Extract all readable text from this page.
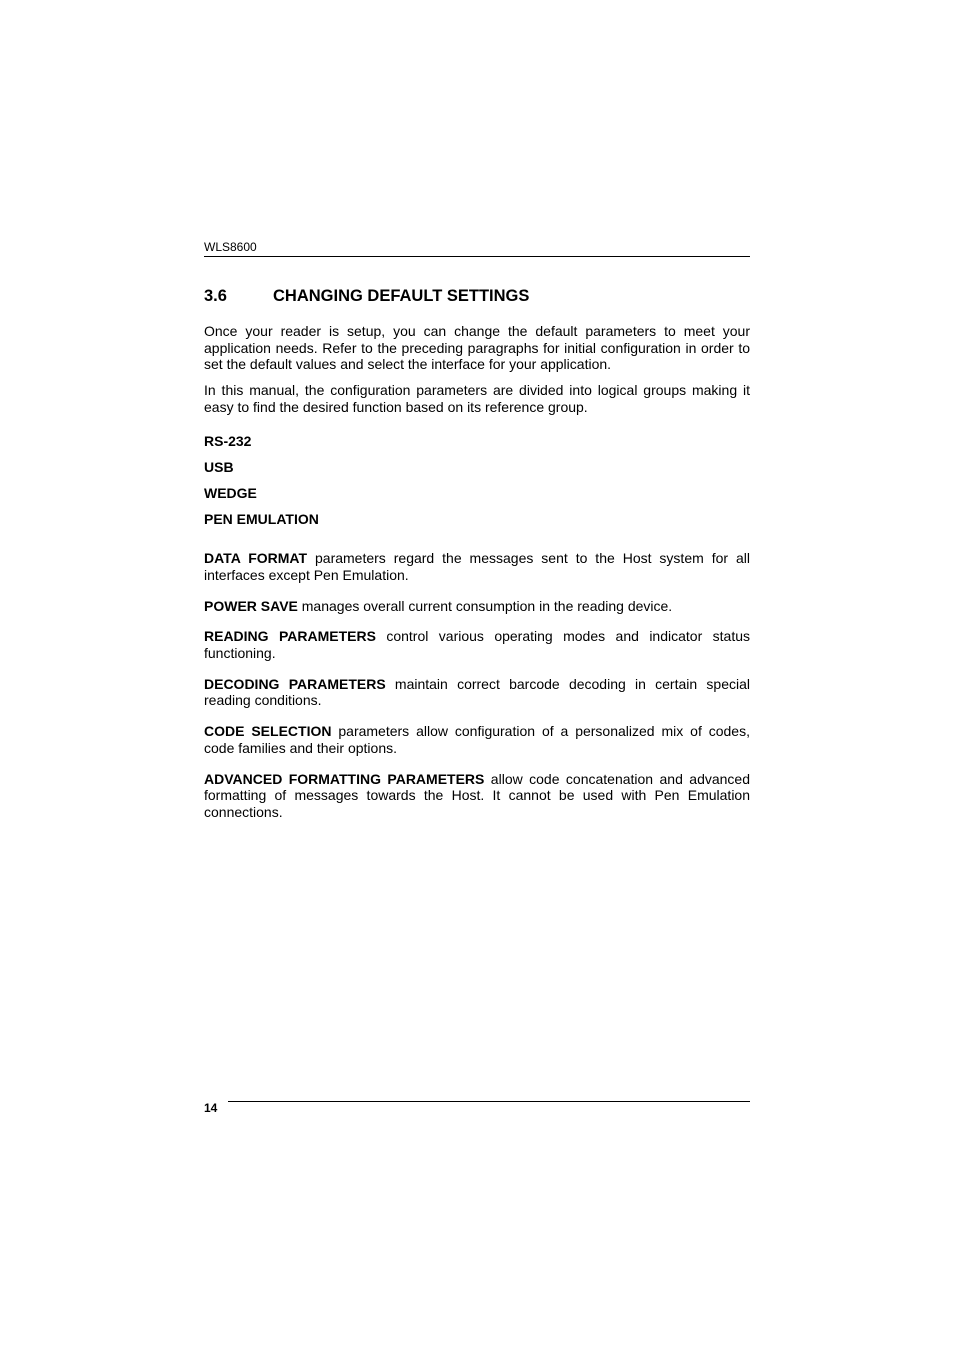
WLS8600
3.6	CHANGING DEFAULT SETTINGS

Once your reader is setup, you can change the default parameters to meet your application needs. Refer to the preceding paragraphs for initial configuration in order to set the default values and select the interface for your application.

In this manual, the configuration parameters are divided into logical groups making it easy to find the desired function based on its reference group.

RS-232
USB
WEDGE
PEN EMULATION

DATA FORMAT parameters regard the messages sent to the Host system for all interfaces except Pen Emulation.

POWER SAVE manages overall current consumption in the reading device.

READING PARAMETERS control various operating modes and indicator status functioning.

DECODING PARAMETERS maintain correct barcode decoding in certain special reading conditions.

CODE SELECTION parameters allow configuration of a personalized mix of codes, code families and their options.

ADVANCED FORMATTING PARAMETERS allow code concatenation and advanced formatting of messages towards the Host. It cannot be used with Pen Emulation connections.

14
